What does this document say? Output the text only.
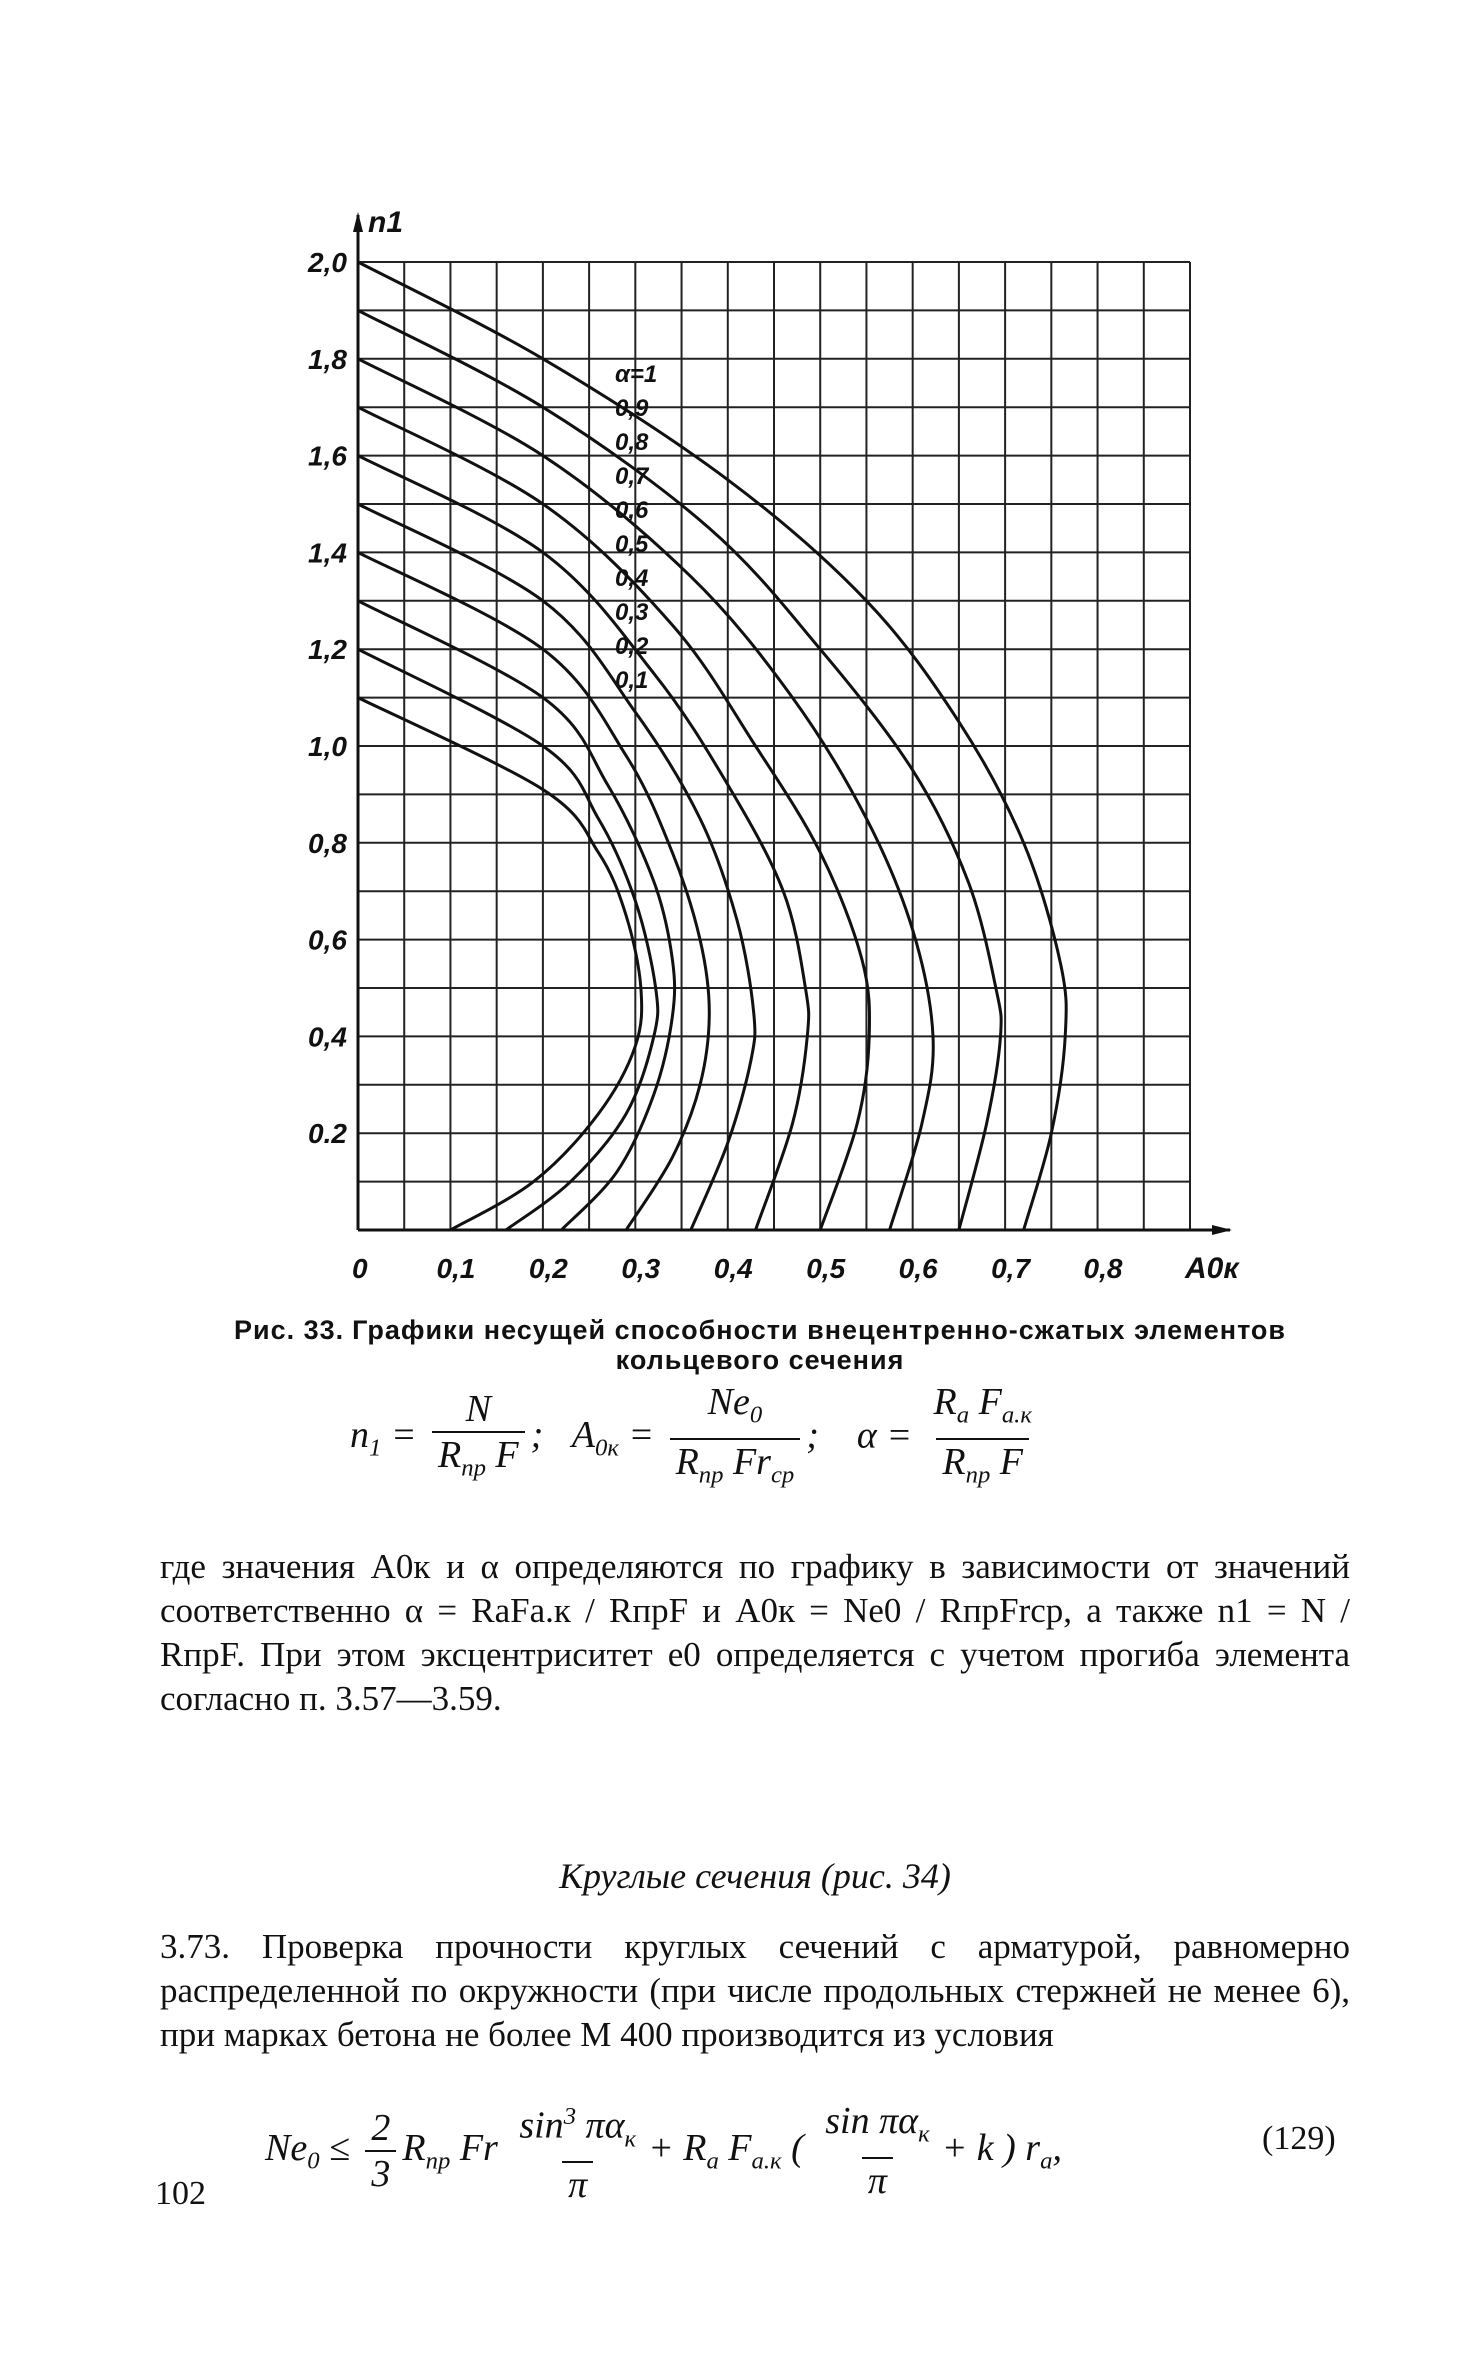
0 0,1 0,2 0,3 0,4 0,5 0,6 0,7 0,8
0.2
0,4
0,6
0,8
1,0
1,2
1,4
1,6
1,8
2,0
n1
A0к
α=1
0,9
0,8
0,7
0,6
0,5
0,4
0,3
0,2
0,1
Рис. 33. Графики несущей способности внецентренно-сжатых элементов кольцевого сечения
$n_1 = \frac{N}{R_{пр} F}$ ;   $A_{0к} = \frac{Ne_0}{R_{пр} Fr_{ср}}$ ;    $\alpha = \frac{R_a F_{a.к}}{R_{пр} F}$
где значения A0к и α определяются по графику в зависимости от значений соответственно α = RaFa.к / RпрF и A0к = Ne0 / RпрFrср, а также n1 = N / RпрF. При этом эксцентриситет e0 определяется с учетом прогиба элемента согласно п. 3.57—3.59.
Круглые сечения (рис. 34)
3.73. Проверка прочности круглых сечений с арматурой, равномерно распределенной по окружности (при числе продольных стержней не менее 6), при марках бетона не более М 400 производится из условия
$Ne_0 \le \frac{2}{3} R_{пр}$ Fr $\frac{\sin^3 \pi\alpha_к}{\pi} + R_a$ $F_{a.к}$ ( $\frac{\sin \pi\alpha_к}{\pi} + k$ ) $r_a$,	(129)
102
